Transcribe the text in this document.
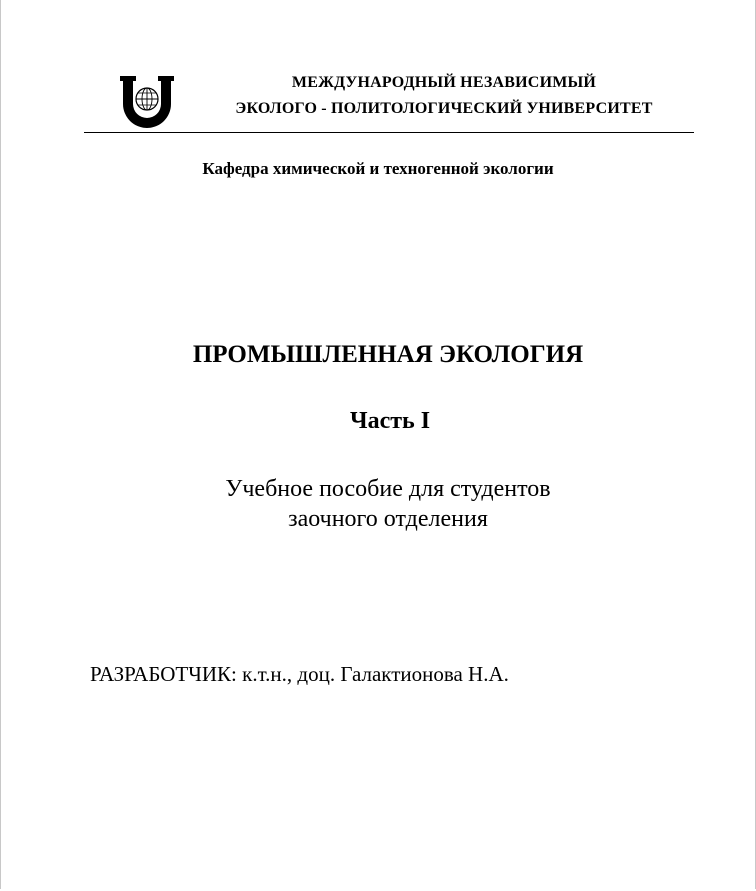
МЕЖДУНАРОДНЫЙ НЕЗАВИСИМЫЙ
ЭКОЛОГО - ПОЛИТОЛОГИЧЕСКИЙ УНИВЕРСИТЕТ
Кафедра химической и техногенной экологии
ПРОМЫШЛЕННАЯ ЭКОЛОГИЯ
Часть I
Учебное пособие для студентов
заочного отделения
РАЗРАБОТЧИК: к.т.н., доц. Галактионова Н.А.
